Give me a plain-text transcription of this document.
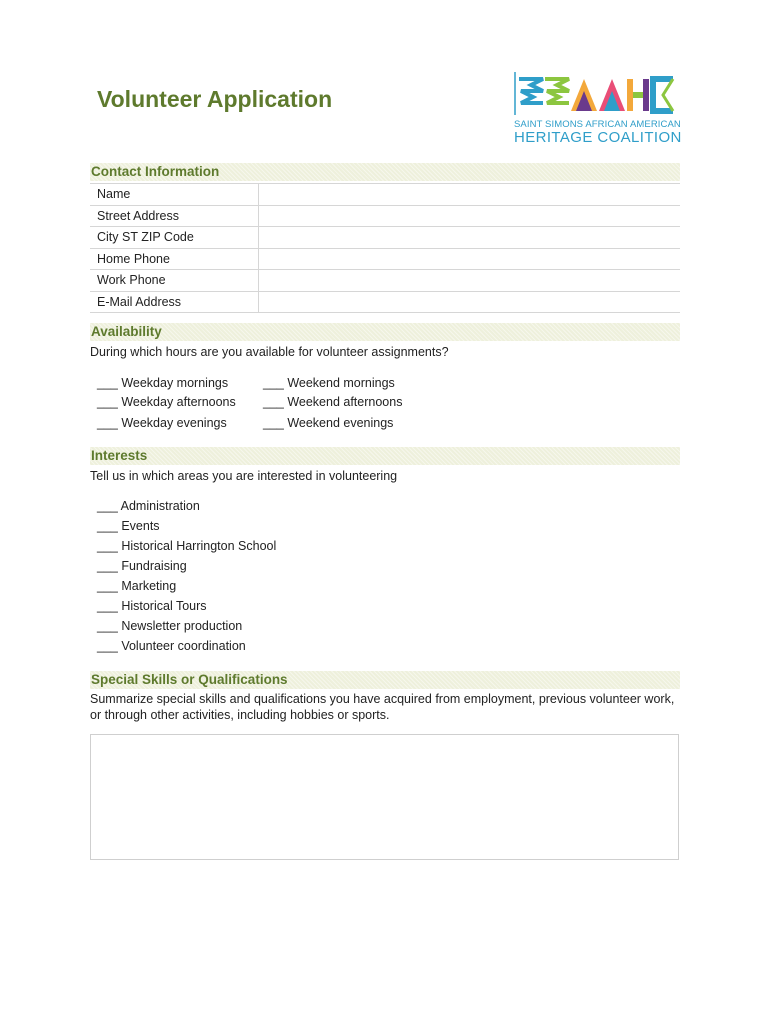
Volunteer Application
SAINT SIMONS AFRICAN AMERICAN
HERITAGE COALITION
Contact Information
Name	
Street Address	
City ST ZIP Code	
Home Phone	
Work Phone	
E-Mail Address	
Availability
During which hours are you available for volunteer assignments?
___ Weekday mornings
___ Weekday afternoons
___ Weekday evenings
___ Weekend mornings
___ Weekend afternoons
___ Weekend evenings
Interests
Tell us in which areas you are interested in volunteering
___ Administration
___ Events
___ Historical Harrington School
___ Fundraising
___ Marketing
___ Historical Tours
___ Newsletter production
___ Volunteer coordination
Special Skills or Qualifications
Summarize special skills and qualifications you have acquired from employment, previous volunteer work, or through other activities, including hobbies or sports.
